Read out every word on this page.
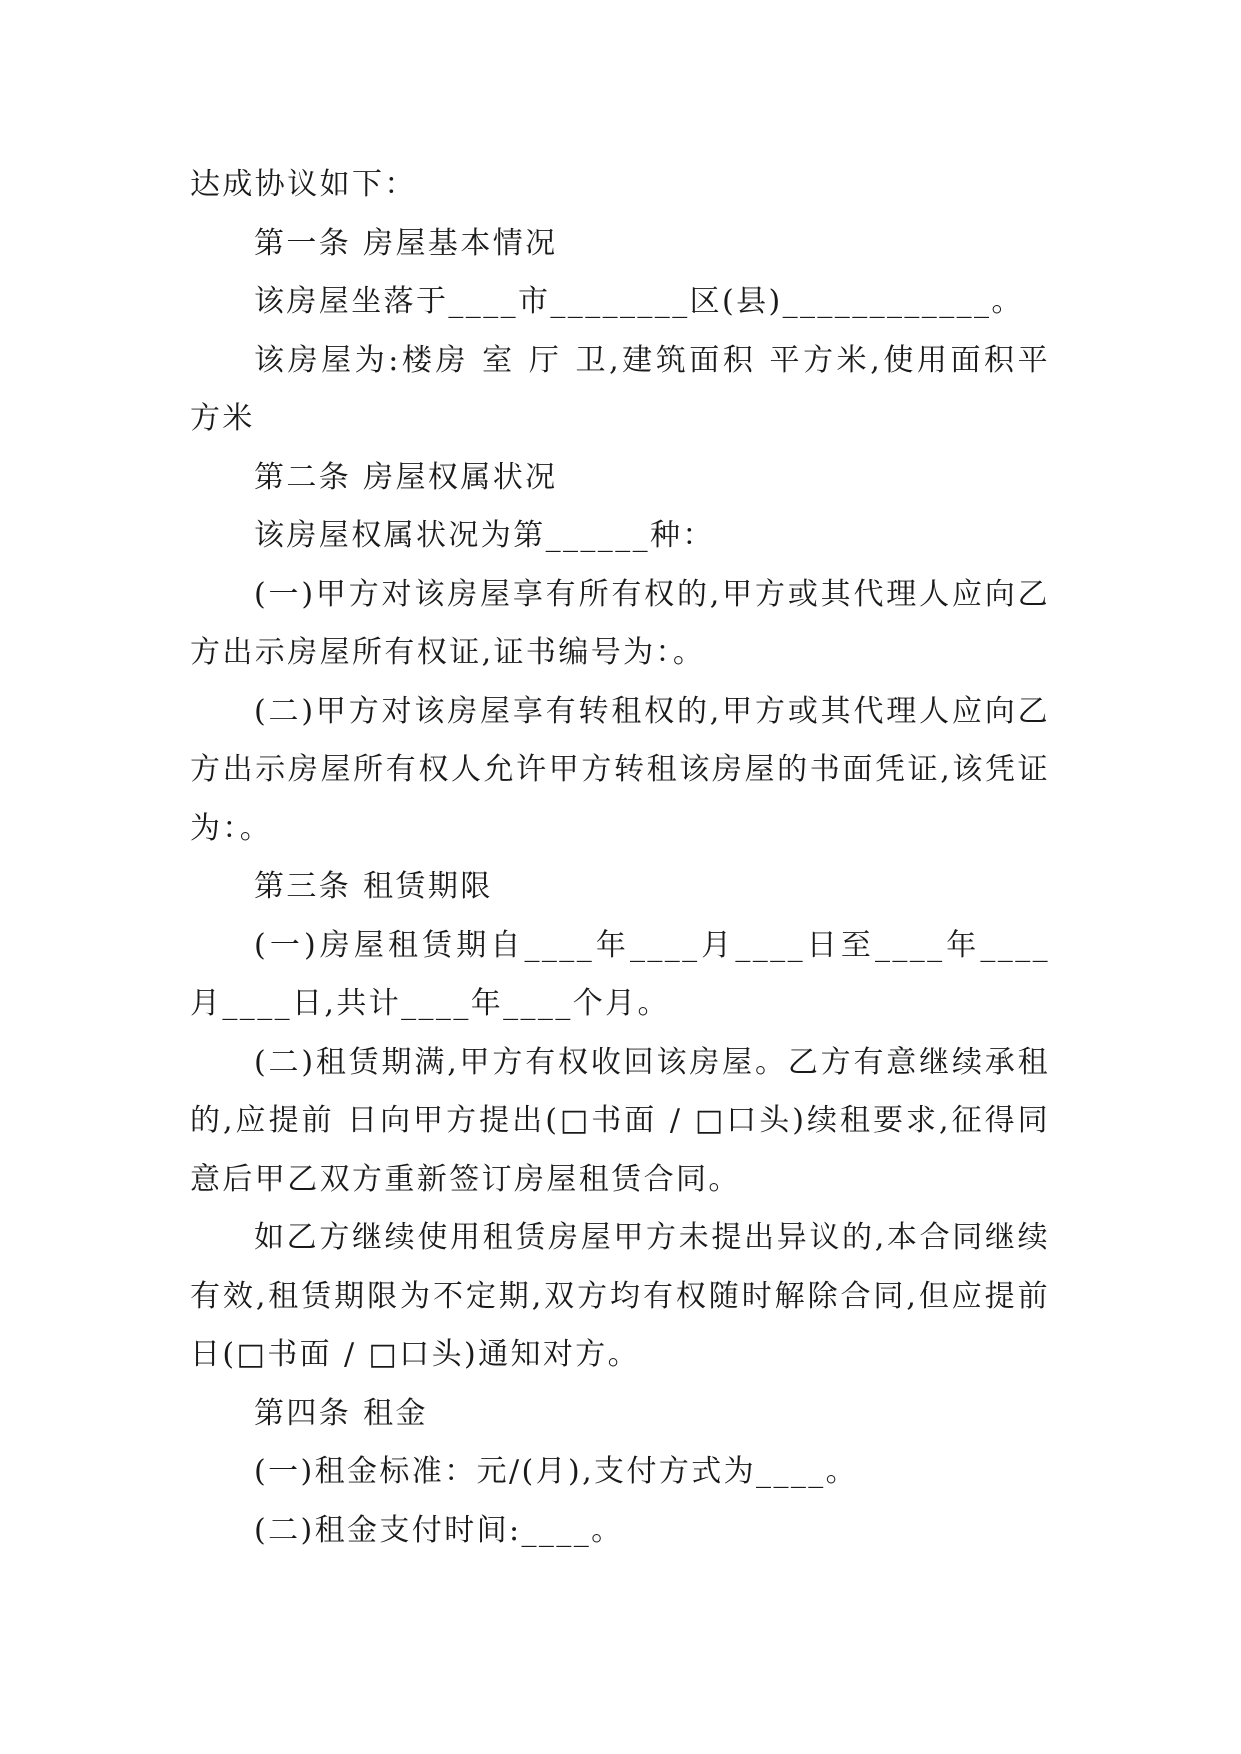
达成协议如下：

第一条 房屋基本情况

该房屋坐落于____市________区(县)____________。

该房屋为:楼房 室 厅 卫,建筑面积 平方米,使用面积平方米

第二条 房屋权属状况

该房屋权属状况为第______种：

(一)甲方对该房屋享有所有权的,甲方或其代理人应向乙方出示房屋所有权证,证书编号为：。

(二)甲方对该房屋享有转租权的,甲方或其代理人应向乙方出示房屋所有权人允许甲方转租该房屋的书面凭证,该凭证为：。

第三条 租赁期限

(一)房屋租赁期自____年____月____日至____年____月____日,共计____年____个月。

(二)租赁期满,甲方有权收回该房屋。乙方有意继续承租的,应提前 日向甲方提出(□书面 / □口头)续租要求,征得同意后甲乙双方重新签订房屋租赁合同。

如乙方继续使用租赁房屋甲方未提出异议的,本合同继续有效,租赁期限为不定期,双方均有权随时解除合同,但应提前 日(□书面 / □口头)通知对方。

第四条 租金

(一)租金标准：元/(月),支付方式为____。

(二)租金支付时间:____。
